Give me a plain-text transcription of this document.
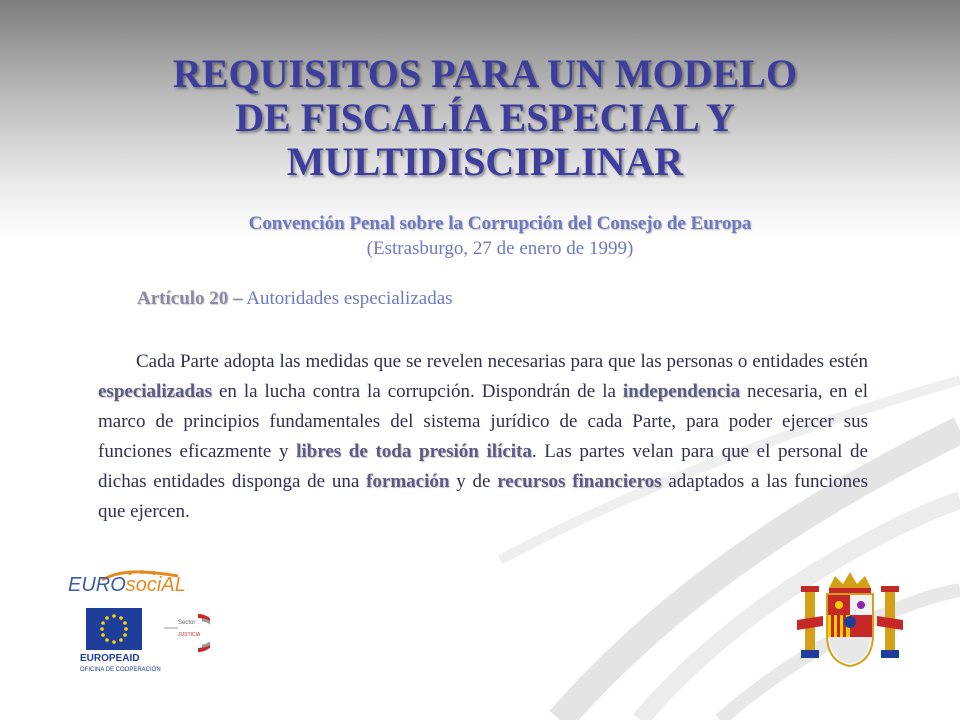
REQUISITOS PARA UN MODELO
DE FISCALÍA ESPECIAL Y
MULTIDISCIPLINAR
Convención Penal sobre la Corrupción del Consejo de Europa
(Estrasburgo, 27 de enero de 1999)
Artículo 20 – Autoridades especializadas

Cada Parte adopta las medidas que se revelen necesarias para que las personas o entidades estén especializadas en la lucha contra la corrupción. Dispondrán de la independencia necesaria, en el marco de principios fundamentales del sistema jurídico de cada Parte, para poder ejercer sus funciones eficazmente y libres de toda presión ilícita. Las partes velan para que el personal de dichas entidades disponga de una formación y de recursos financieros adaptados a las funciones que ejercen.

EUROsociAL
EUROPEAID
OFICINA DE COOPERACIÓN
Sector
JUSTICIA
